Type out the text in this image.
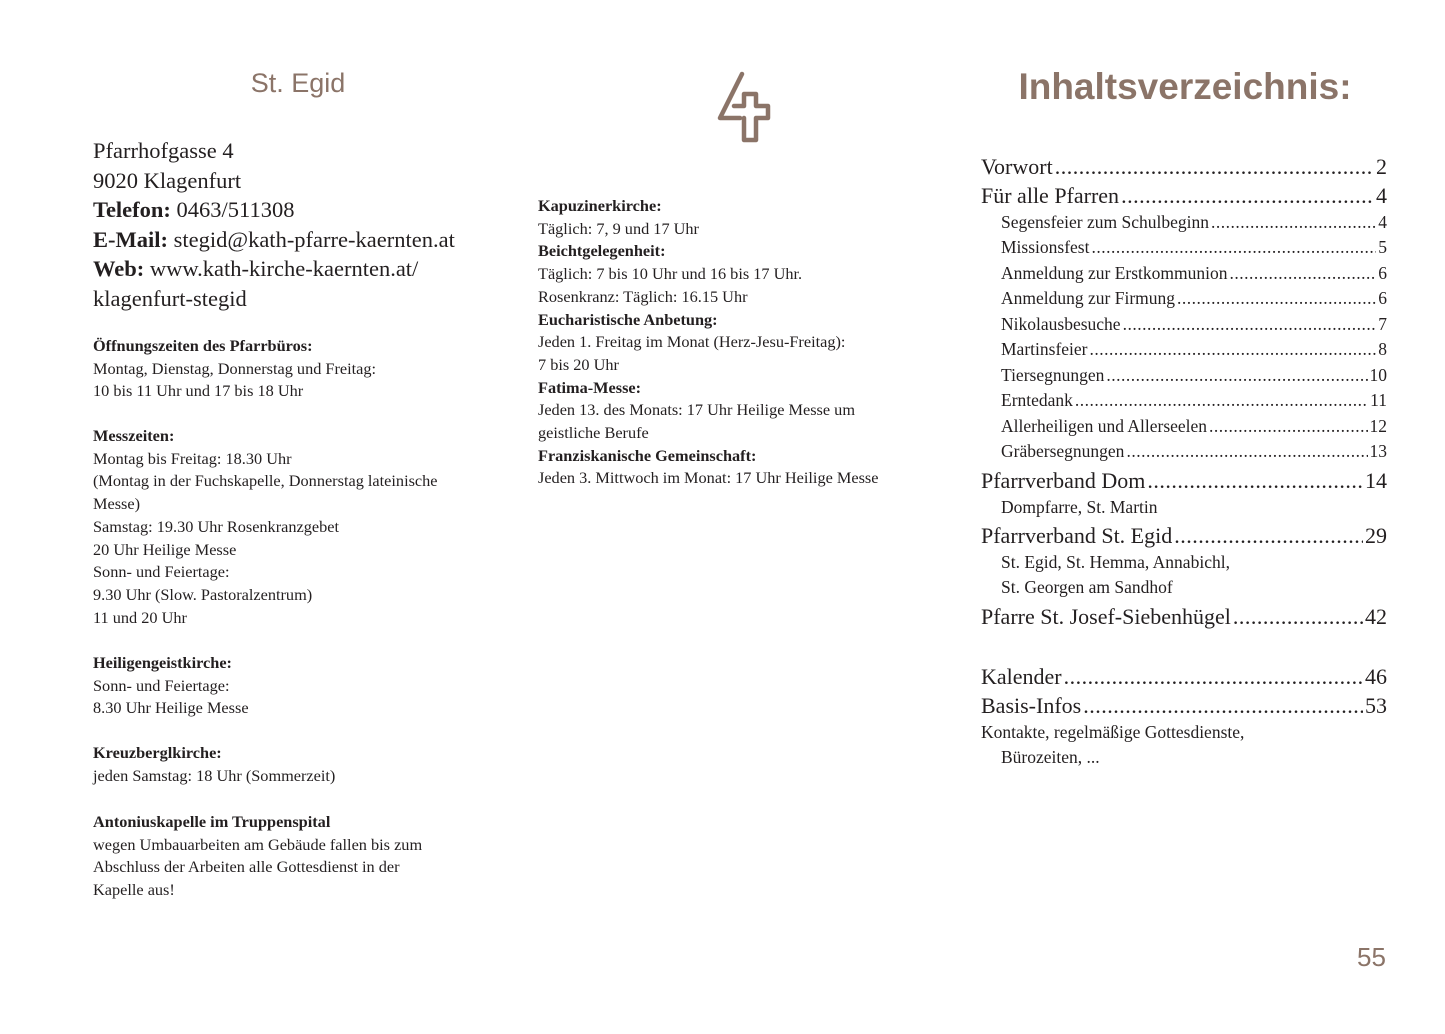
St. Egid	Inhaltsverzeichnis:
Pfarrhofgasse 4
9020 Klagenfurt
Telefon: 0463/511308
E-Mail: stegid@kath-pfarre-kaernten.at
Web: www.kath-kirche-kaernten.at/
klagenfurt-stegid
Öffnungszeiten des Pfarrbüros:
Montag, Dienstag, Donnerstag und Freitag:
10 bis 11 Uhr und 17 bis 18 Uhr
Messzeiten:
Montag bis Freitag: 18.30 Uhr
(Montag in der Fuchskapelle, Donnerstag lateinische
Messe)
Samstag: 19.30 Uhr Rosenkranzgebet
20 Uhr Heilige Messe
Sonn- und Feiertage:
9.30 Uhr (Slow. Pastoralzentrum)
11 und 20 Uhr
Heiligengeistkirche:
Sonn- und Feiertage:
8.30 Uhr Heilige Messe
Kreuzberglkirche:
jeden Samstag: 18 Uhr (Sommerzeit)
Antoniuskapelle im Truppenspital
wegen Umbauarbeiten am Gebäude fallen bis zum
Abschluss der Arbeiten alle Gottesdienst in der
Kapelle aus!
Kapuzinerkirche:
Täglich: 7, 9 und 17 Uhr
Beichtgelegenheit:
Täglich: 7 bis 10 Uhr und 16 bis 17 Uhr.
Rosenkranz: Täglich: 16.15 Uhr
Eucharistische Anbetung:
Jeden 1. Freitag im Monat (Herz-Jesu-Freitag):
7 bis 20 Uhr
Fatima-Messe:
Jeden 13. des Monats: 17 Uhr Heilige Messe um
geistliche Berufe
Franziskanische Gemeinschaft:
Jeden 3. Mittwoch im Monat: 17 Uhr Heilige Messe
Vorwort .....	2
Für alle Pfarren .....	4
Segensfeier zum Schulbeginn .....	4
Missionsfest .....	5
Anmeldung zur Erstkommunion .....	6
Anmeldung zur Firmung .....	6
Nikolausbesuche .....	7
Martinsfeier .....	8
Tiersegnungen .....	10
Erntedank .....	11
Allerheiligen und Allerseelen .....	12
Gräbersegnungen .....	13
Pfarrverband Dom .....	14
Dompfarre, St. Martin
Pfarrverband St. Egid .....	29
St. Egid, St. Hemma, Annabichl,
St. Georgen am Sandhof
Pfarre St. Josef-Siebenhügel .....	42
Kalender .....	46
Basis-Infos .....	53
Kontakte, regelmäßige Gottesdienste,
Bürozeiten, ...
55
